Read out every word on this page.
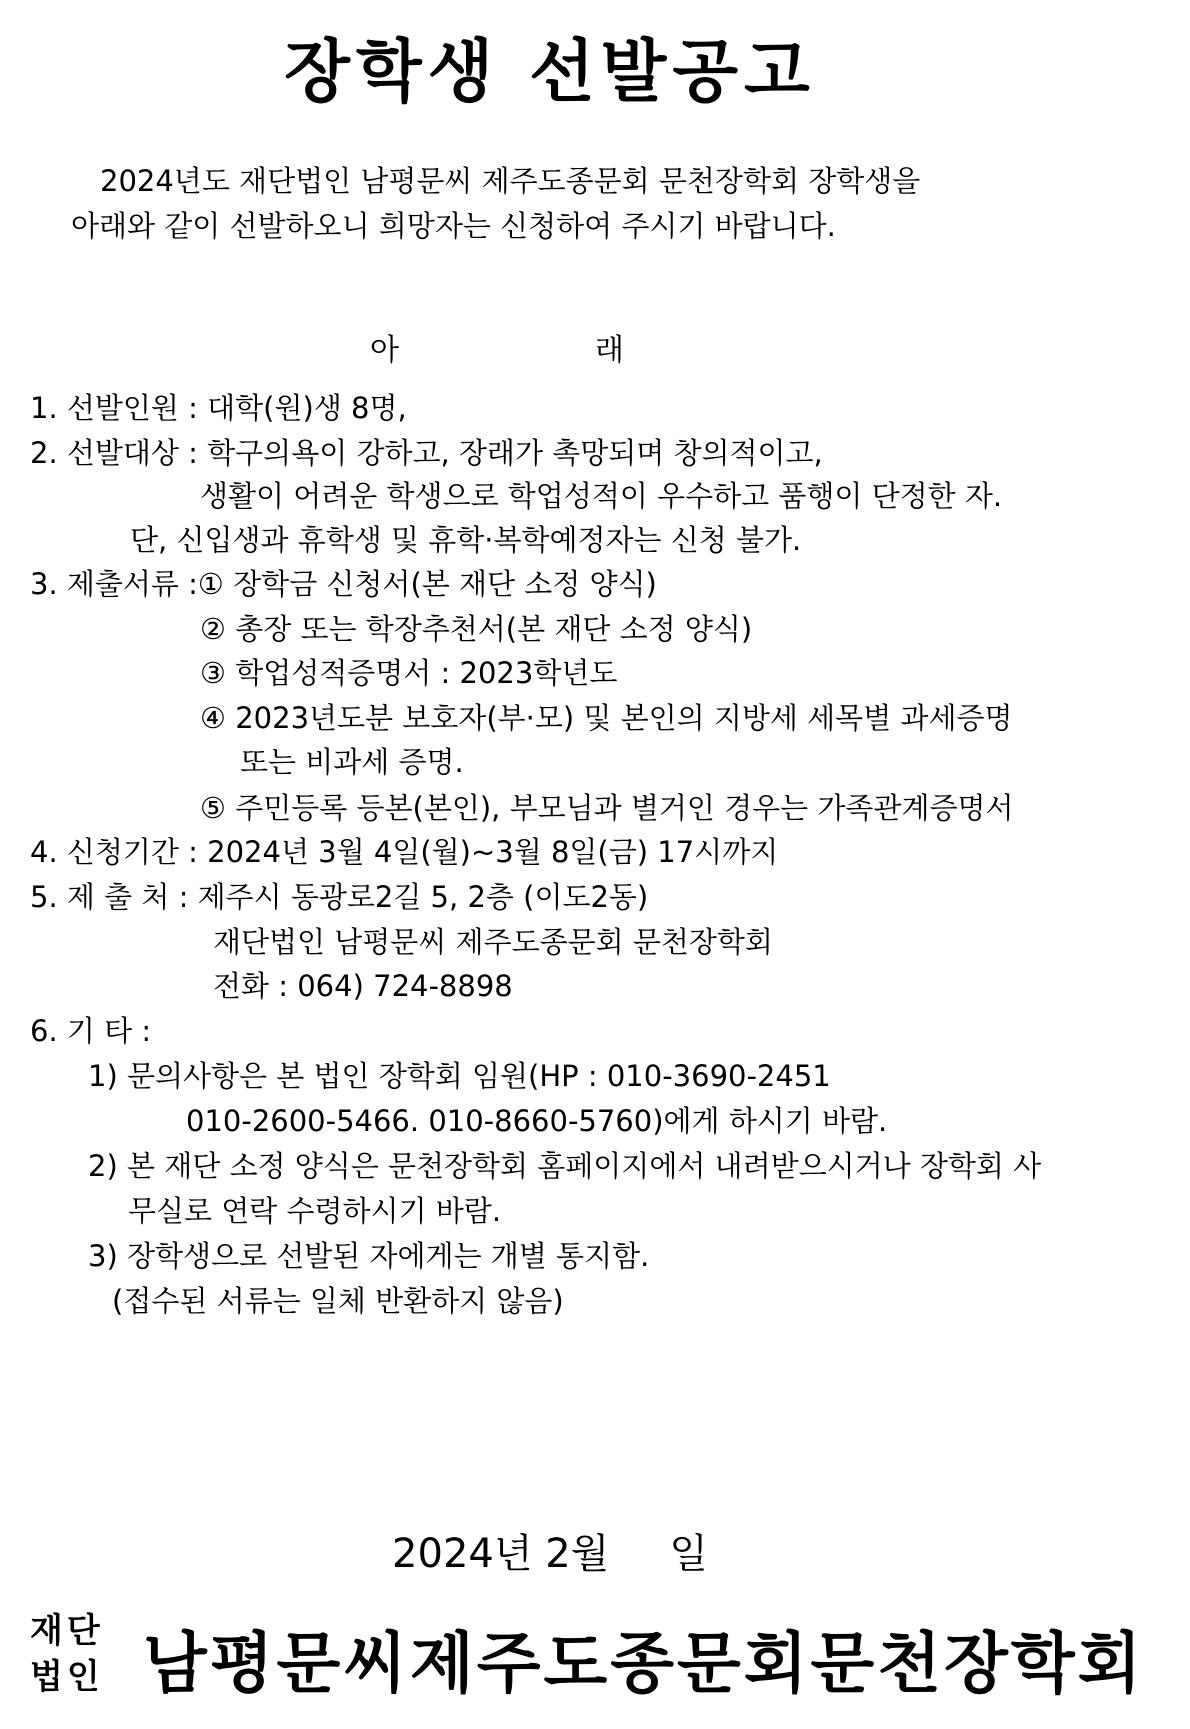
장학생 선발공고
2024년도 재단법인 남평문씨 제주도종문회 문천장학회 장학생을
아래와 같이 선발하오니 희망자는 신청하여 주시기 바랍니다.
아	래
1. 선발인원 : 대학(원)생 8명,
2. 선발대상 : 학구의욕이 강하고, 장래가 촉망되며 창의적이고,
생활이 어려운 학생으로 학업성적이 우수하고 품행이 단정한 자.
단, 신입생과 휴학생 및 휴학·복학예정자는 신청 불가.
3. 제출서류 :① 장학금 신청서(본 재단 소정 양식)
② 총장 또는 학장추천서(본 재단 소정 양식)
③ 학업성적증명서 : 2023학년도
④ 2023년도분 보호자(부·모) 및 본인의 지방세 세목별 과세증명
또는 비과세 증명.
⑤ 주민등록 등본(본인), 부모님과 별거인 경우는 가족관계증명서
4. 신청기간 : 2024년 3월 4일(월)~3월 8일(금) 17시까지
5. 제 출 처 : 제주시 동광로2길 5, 2층 (이도2동)
재단법인 남평문씨 제주도종문회 문천장학회
전화 : 064) 724-8898
6. 기 타 :
1) 문의사항은 본 법인 장학회 임원(HP : 010-3690-2451
010-2600-5466. 010-8660-5760)에게 하시기 바람.
2) 본 재단 소정 양식은 문천장학회 홈페이지에서 내려받으시거나 장학회 사
무실로 연락 수령하시기 바람.
3) 장학생으로 선발된 자에게는 개별 통지함.
(접수된 서류는 일체 반환하지 않음)
2024년 2월 일
재단
법인 남평문씨제주도종문회문천장학회
